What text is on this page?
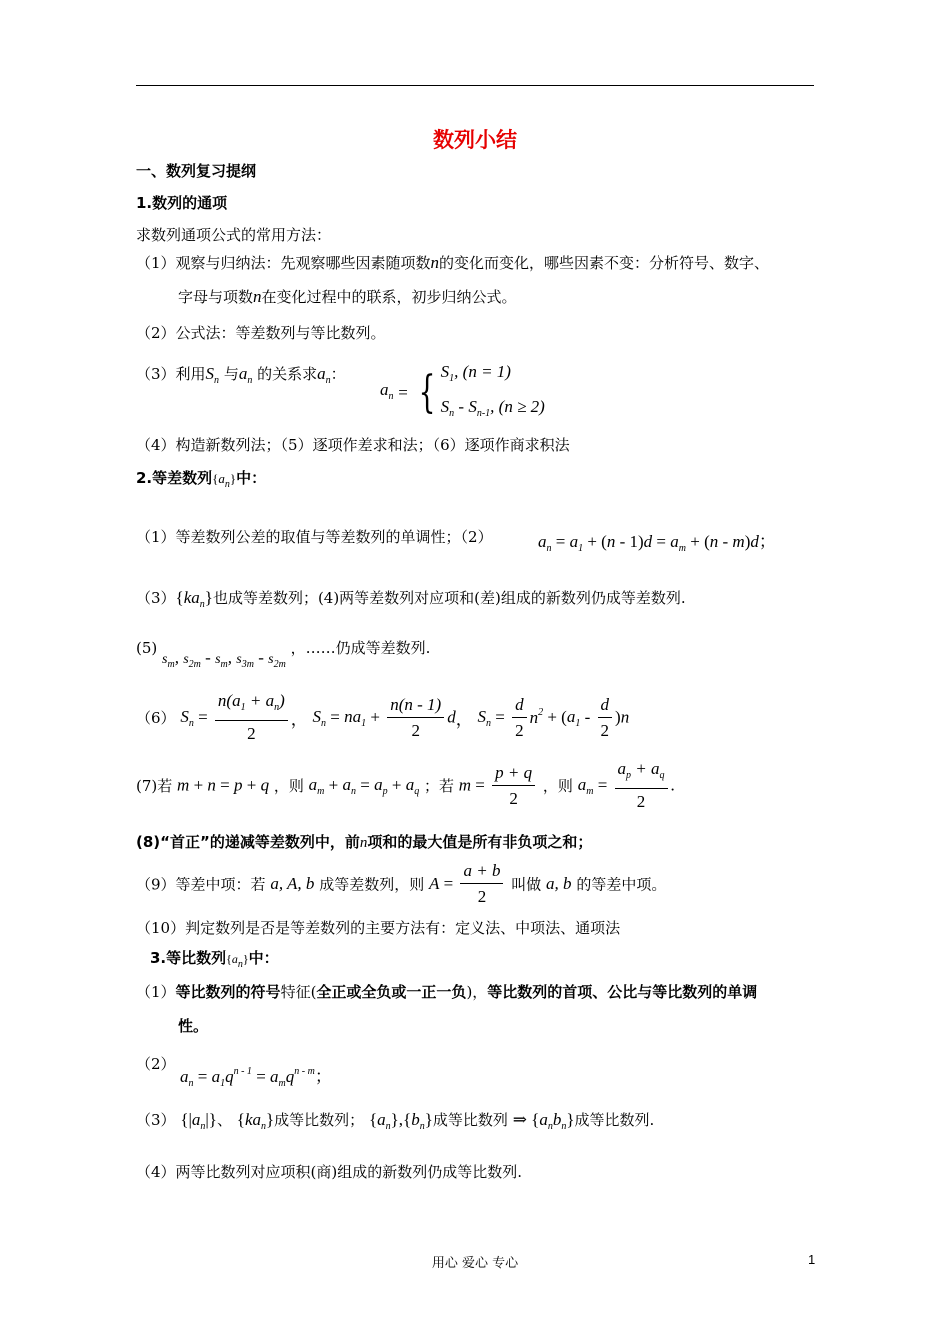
数列小结
一、数列复习提纲
1.数列的通项
求数列通项公式的常用方法：
（1）观察与归纳法：先观察哪些因素随项数n的变化而变化，哪些因素不变：分析符号、数字、
字母与项数n在变化过程中的联系，初步归纳公式。
（2）公式法：等差数列与等比数列。
（3）利用$S_n$ 与$a_n$ 的关系求$a_n$：
$a_n$ = { $S_1$, (n = 1)
$S_n - S_{n-1}$, (n ≥ 2)
（4）构造新数列法；（5）逐项作差求和法；（6）逐项作商求积法
2.等差数列$\{a_n\}$中：
（1）等差数列公差的取值与等差数列的单调性；（2）	$a_n = a_1 + (n - 1)d = a_m + (n - m)d$；
$(3)\{ka_n\}$也成等差数列；(4)两等差数列对应项和(差)组成的新数列仍成等差数列.
(5) $s_m$, $s_{2m} - s_m$, $s_{3m} - s_{2m}$ ，……仍成等差数列.
（6） $S_n = \frac{n(a_1 + a_n)}{2}$ ， $S_n = na_1 + \frac{n(n - 1)}{2}$ d， $S_n = \frac{d}{2} n^2 + (a_1 - \frac{d}{2} )n$
(7)若 m + n = p + q ，则 $a_m + a_n = a_p + a_q$ ；若 $m = \frac{p + q}{2}$ ，则 $a_m = \frac{a_p + a_q}{2}$ .
(8)“首正”的递减等差数列中，前n项和的最大值是所有非负项之和；
（9）等差中项：若 a, A, b 成等差数列，则 $A = \frac{a + b}{2}$ 叫做 a, b 的等差中项。
（10）判定数列是否是等差数列的主要方法有：定义法、中项法、通项法
3.等比数列$\{a_n\}$中：
（1）等比数列的符号特征(全正或全负或一正一负)，等比数列的首项、公比与等比数列的单调
性。
（2）
$a_n = a_1q^{n - 1} = a_mq^{n - m}$；
（3） $\{|a_n|\}$、 $\{ka_n\}$成等比数列； $\{a_n\},\{b_n\}$成等比数列 ⇒ $\{a_nb_n\}$成等比数列.
（4）两等比数列对应项积(商)组成的新数列仍成等比数列.
用心 爱心 专心	1
